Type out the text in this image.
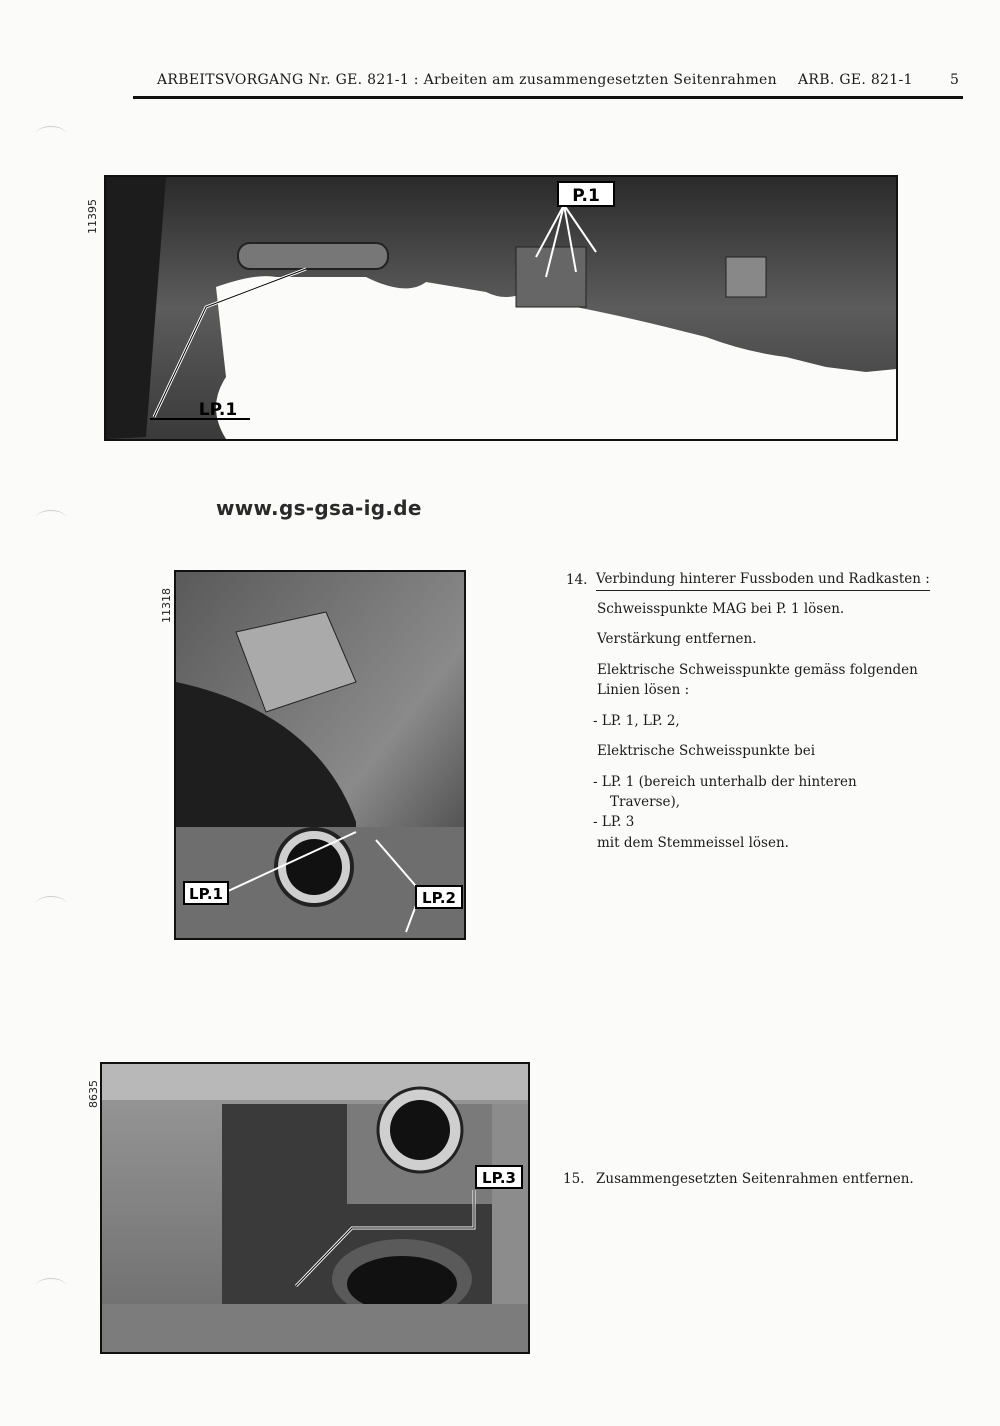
ARBEITSVORGANG Nr. GE. 821-1 : Arbeiten am zusammengesetzten Seitenrahmen ARB. GE. 821-1	5
11395
P.1
LP.1
www.gs-gsa-ig.de
11318
LP.1	LP.2
14. Verbindung hinterer Fussboden und Radkasten :
Schweisspunkte MAG bei P. 1 lösen.
Verstärkung entfernen.
Elektrische Schweisspunkte gemäss folgenden
Linien lösen :
- LP. 1, LP. 2,
Elektrische Schweisspunkte bei
- LP. 1 (bereich unterhalb der hinteren
Traverse),
- LP. 3
mit dem Stemmeissel lösen.
8635
LP.3	15. Zusammengesetzten Seitenrahmen entfernen.
